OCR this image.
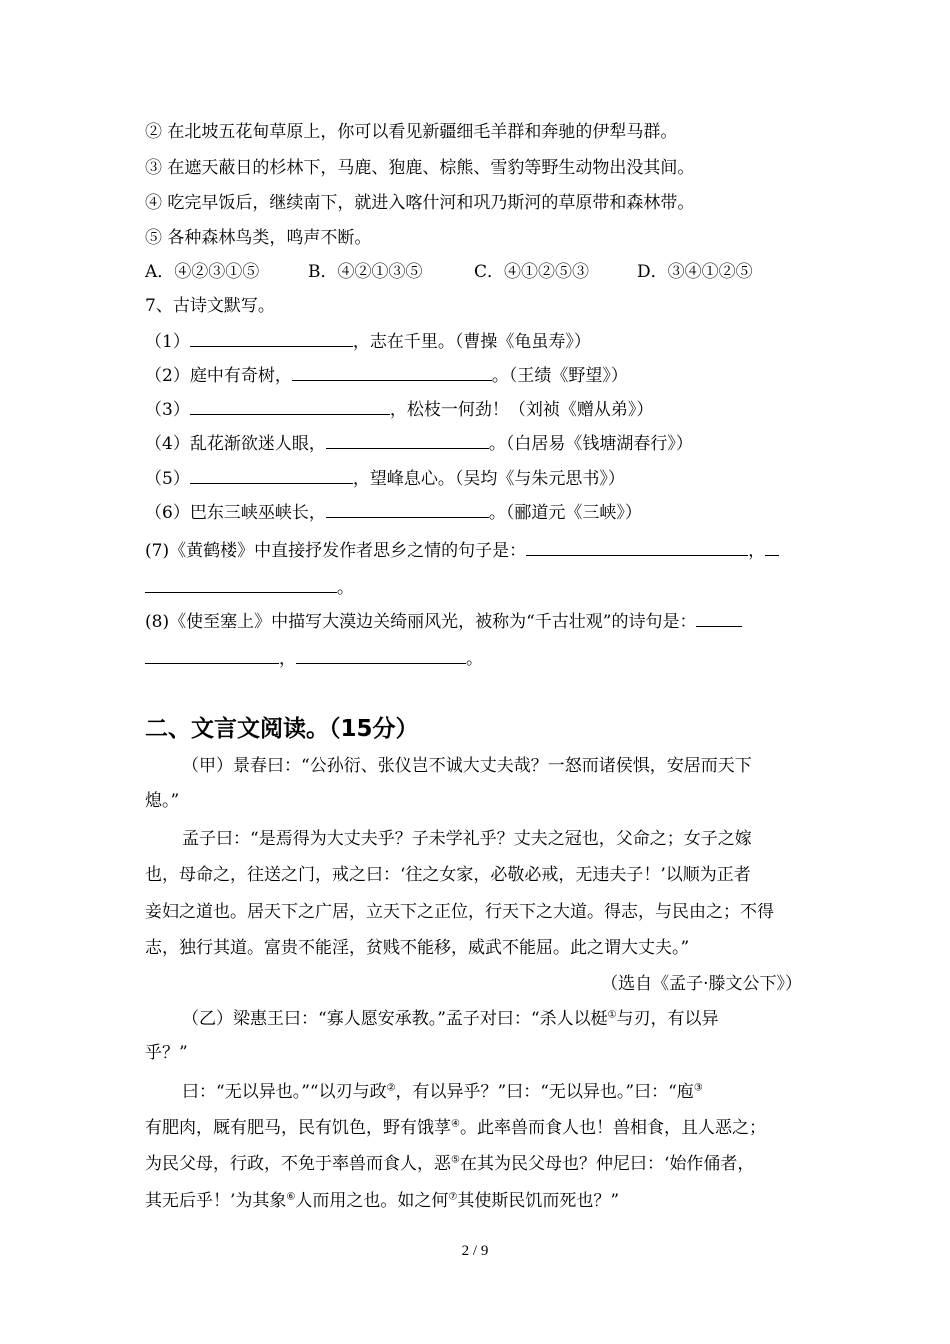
② 在北坡五花甸草原上，你可以看见新疆细毛羊群和奔驰的伊犁马群。
③ 在遮天蔽日的杉林下，马鹿、狍鹿、棕熊、雪豹等野生动物出没其间。
④ 吃完早饭后，继续南下，就进入喀什河和巩乃斯河的草原带和森林带。
⑤ 各种森林鸟类，鸣声不断。
A．④②③①⑤	B．④②①③⑤	C．④①②⑤③	D．③④①②⑤
7、古诗文默写。
（1）	，志在千里。（曹操《龟虽寿》）
（2）庭中有奇树，	。（王绩《野望》）
（3）	，松枝一何劲！（刘祯《赠从弟》）
（4）乱花渐欲迷人眼，	。（白居易《钱塘湖春行》）
（5）	，望峰息心。（吴均《与朱元思书》）
（6）巴东三峡巫峡长，	。（郦道元《三峡》）
(7)《黄鹤楼》中直接抒发作者思乡之情的句子是：	，
。
(8)《使至塞上》中描写大漠边关绮丽风光，被称为“千古壮观”的诗句是：
，	。
二、文言文阅读。（15分）
（甲）景春曰：“公孙衍、张仪岂不诚大丈夫哉？一怒而诸侯惧，安居而天下
熄。”
孟子曰：“是焉得为大丈夫乎？子未学礼乎？丈夫之冠也，父命之；女子之嫁
也，母命之，往送之门，戒之曰：‘往之女家，必敬必戒，无违夫子！’以顺为正者
妾妇之道也。居天下之广居，立天下之正位，行天下之大道。得志，与民由之；不得
志，独行其道。富贵不能淫，贫贱不能移，威武不能屈。此之谓大丈夫。”
（选自《孟子·滕文公下》）
（乙）梁惠王曰：“寡人愿安承教。”孟子对曰：“杀人以梃①与刃，有以异
乎？”
曰：“无以异也。”“以刃与政②，有以异乎？”曰：“无以异也。”曰：“庖③
有肥肉，厩有肥马，民有饥色，野有饿莩④。此率兽而食人也！兽相食，且人恶之；
为民父母，行政，不免于率兽而食人，恶⑤在其为民父母也？仲尼曰：‘始作俑者，
其无后乎！’为其象⑥人而用之也。如之何⑦其使斯民饥而死也？”
2 / 9
